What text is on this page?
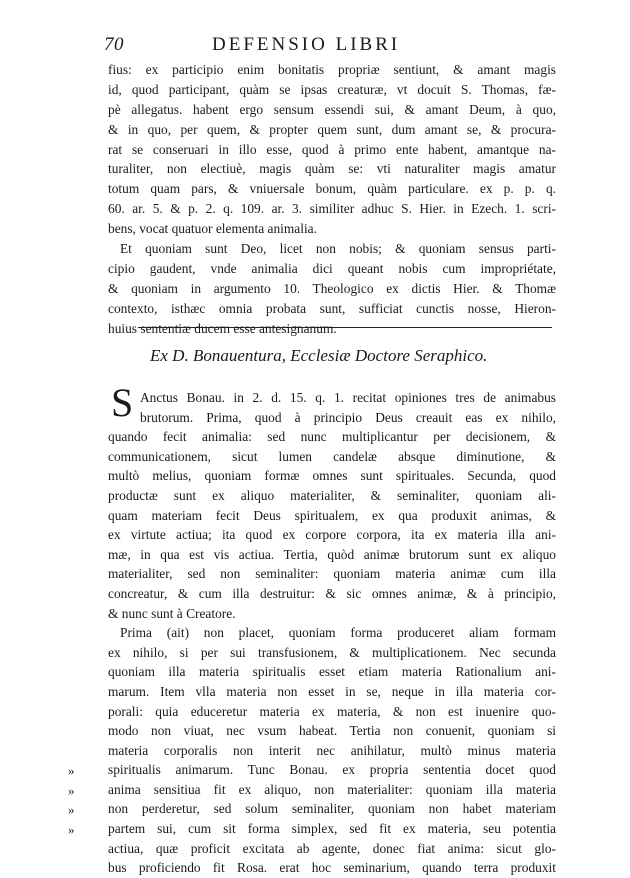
70	DEFENSIO LIBRI
fius: ex participio enim bonitatis propriæ sentiunt, & amant magis
id, quod participant, quàm se ipsas creaturæ, vt docuit S. Thomas, fæ-
pè allegatus. habent ergo sensum essendi sui, & amant Deum, à quo,
& in quo, per quem, & propter quem sunt, dum amant se, & procura-
rat se conseruari in illo esse, quod à primo ente habent, amantque na-
turaliter, non electiuè, magis quàm se: vti naturaliter magis amatur
totum quam pars, & vniuersale bonum, quàm particulare. ex p. p. q.
60. ar. 5. & p. 2. q. 109. ar. 3. similiter adhuc S. Hier. in Ezech. 1. scri-
bens, vocat quatuor elementa animalia.
Et quoniam sunt Deo, licet non nobis; & quoniam sensus parti-
cipio gaudent, vnde animalia dici queant nobis cum impropriétate,
& quoniam in argumento 10. Theologico ex dictis Hier. & Thomæ
contexto, isthæc omnia probata sunt, sufficiat cunctis nosse, Hieron-
huius sententiæ ducem esse antesignanum.
Ex D. Bonauentura, Ecclesiæ Doctore Seraphico.
S Anctus Bonau. in 2. d. 15. q. 1. recitat opiniones tres de animabus
brutorum. Prima, quod à principio Deus creauit eas ex nihilo,
quando fecit animalia: sed nunc multiplicantur per decisionem, &
communicationem, sicut lumen candelæ absque diminutione, &
multò melius, quoniam formæ omnes sunt spirituales. Secunda, quod
productæ sunt ex aliquo materialiter, & seminaliter, quoniam ali-
quam materiam fecit Deus spiritualem, ex qua produxit animas, &
ex virtute actiua; ita quod ex corpore corpora, ita ex materia illa ani-
mæ, in qua est vis actiua. Tertia, quòd animæ brutorum sunt ex aliquo
materialiter, sed non seminaliter: quoniam materia animæ cum illa
concreatur, & cum illa destruitur: & sic omnes animæ, & à principio,
& nunc sunt à Creatore.
Prima (ait) non placet, quoniam forma produceret aliam formam
ex nihilo, si per sui transfusionem, & multiplicationem. Nec secunda
quoniam illa materia spiritualis esset etiam materia Rationalium ani-
marum. Item vlla materia non esset in se, neque in illa materia cor-
porali: quia educeretur materia ex materia, & non est inuenire quo-
modo non viuat, nec vsum habeat. Tertia non conuenit, quoniam si
materia corporalis non interit nec anihilatur, multò minus materia
spiritualis animarum. Tunc Bonau. ex propria sententia docet quod
anima sensitiua fit ex aliquo, non materialiter: quoniam illa materia
non perderetur, sed solum seminaliter, quoniam non habet materiam
partem sui, cum sit forma simplex, sed fit ex materia, seu potentia
actiua, quæ proficit excitata ab agente, donec fiat anima: sicut glo-
bus proficiendo fit Rosa. erat hoc seminarium, quando terra produxit
»
»
»
»
